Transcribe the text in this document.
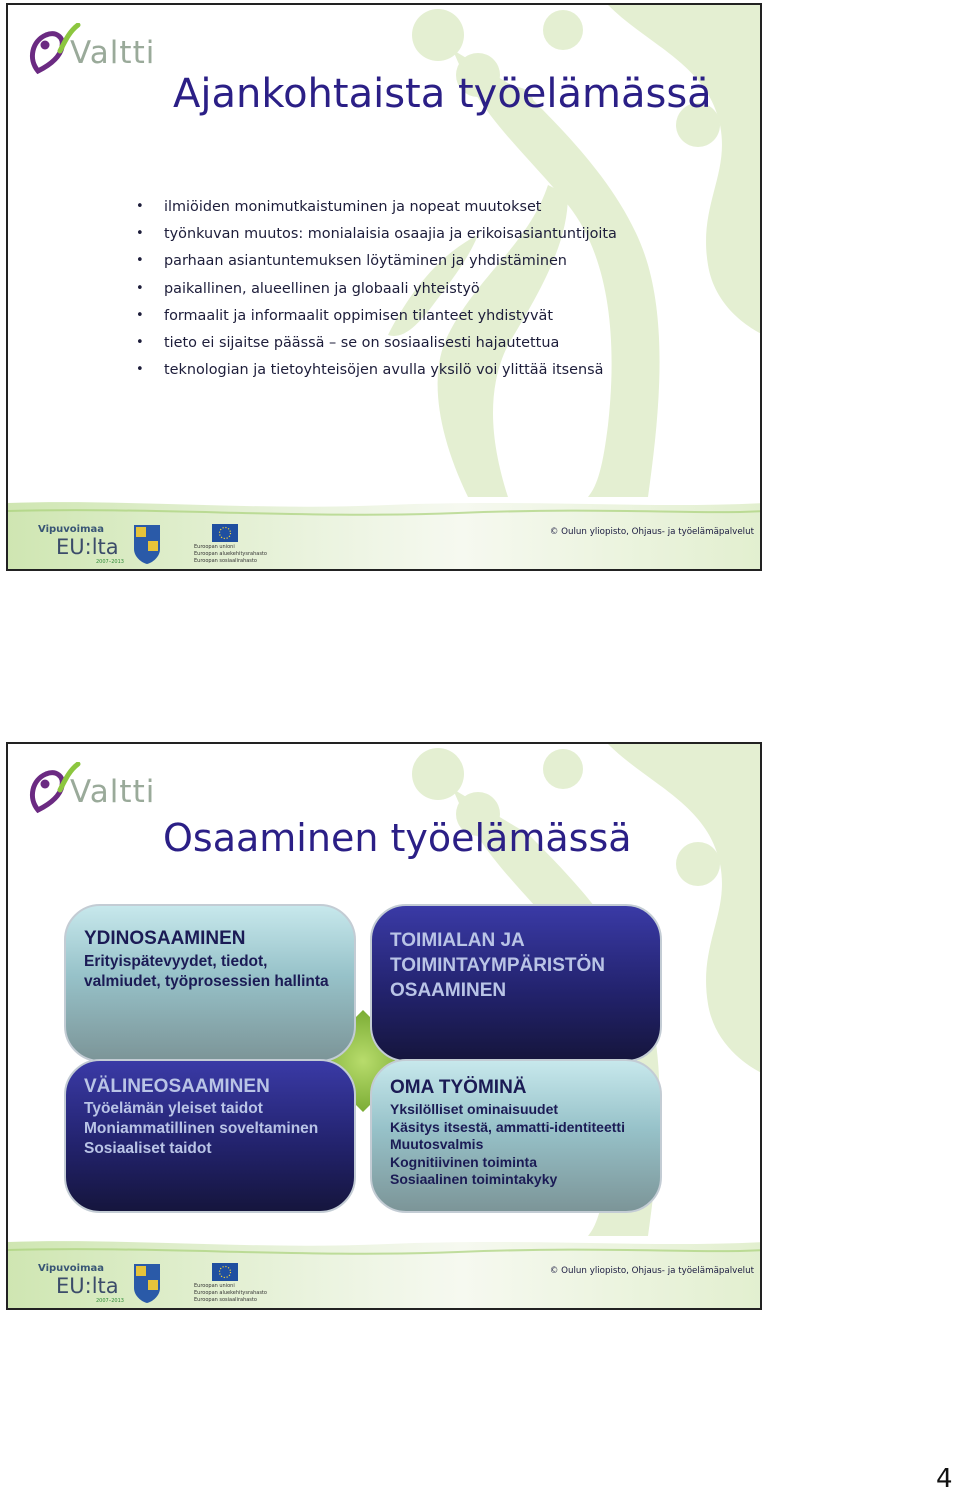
Valtti
Ajankohtaista työelämässä
• ilmiöiden monimutkaistuminen ja nopeat muutokset
• työnkuvan muutos: monialaisia osaajia ja erikoisasiantuntijoita
• parhaan asiantuntemuksen löytäminen ja yhdistäminen
• paikallinen, alueellinen ja globaali yhteistyö
• formaalit ja informaalit oppimisen tilanteet yhdistyvät
• tieto ei sijaitse päässä – se on sosiaalisesti hajautettua
• teknologian ja tietoyhteisöjen avulla yksilö voi ylittää itsensä
Vipuvoimaa
EU:lta
2007–2013
Euroopan unioni
Euroopan aluekehitysrahasto
Euroopan sosiaalirahasto
© Oulun yliopisto, Ohjaus- ja työelämäpalvelut
Valtti
Osaaminen työelämässä
YDINOSAAMINEN
Erityispätevyydet, tiedot,
valmiudet, työprosessien hallinta
TOIMIALAN JA
TOIMINTAYMPÄRISTÖN
OSAAMINEN
VÄLINEOSAAMINEN
Työelämän yleiset taidot
Moniammatillinen soveltaminen
Sosiaaliset taidot
OMA TYÖMINÄ
Yksilölliset ominaisuudet
Käsitys itsestä, ammatti-identiteetti
Muutosvalmis
Kognitiivinen toiminta
Sosiaalinen toimintakyky
Vipuvoimaa
EU:lta
2007–2013
Euroopan unioni
Euroopan aluekehitysrahasto
Euroopan sosiaalirahasto
© Oulun yliopisto, Ohjaus- ja työelämäpalvelut
4
